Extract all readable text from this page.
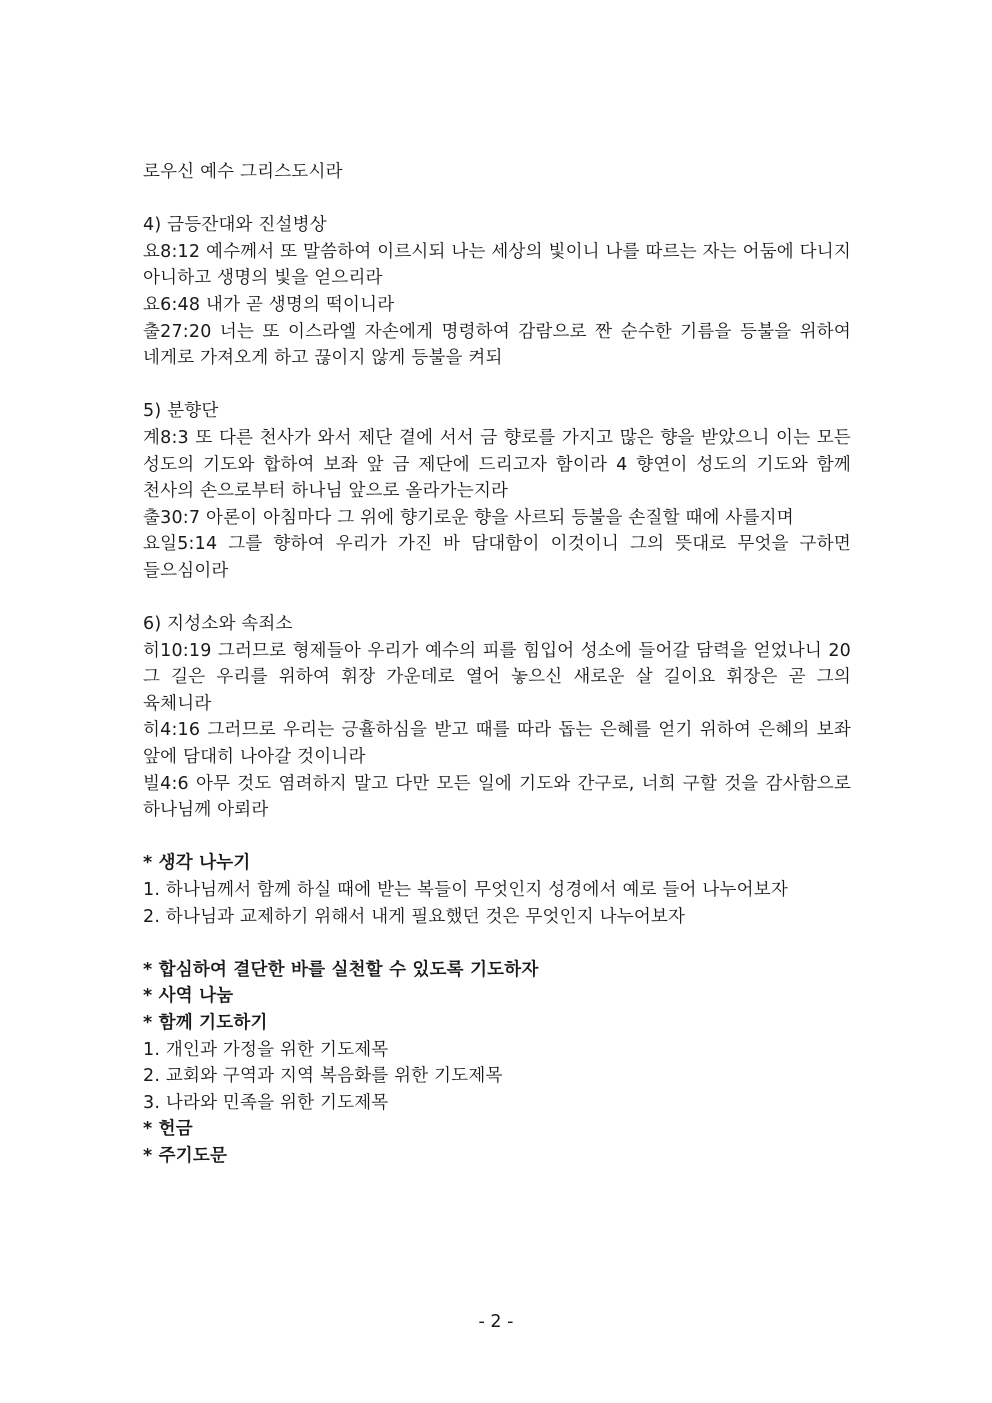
로우신 예수 그리스도시라
4) 금등잔대와 진설병상
요8:12 예수께서 또 말씀하여 이르시되 나는 세상의 빛이니 나를 따르는 자는 어둠에 다니지 아니하고 생명의 빛을 얻으리라
요6:48 내가 곧 생명의 떡이니라
출27:20 너는 또 이스라엘 자손에게 명령하여 감람으로 짠 순수한 기름을 등불을 위하여 네게로 가져오게 하고 끊이지 않게 등불을 켜되
5) 분향단
계8:3 또 다른 천사가 와서 제단 곁에 서서 금 향로를 가지고 많은 향을 받았으니 이는 모든 성도의 기도와 합하여 보좌 앞 금 제단에 드리고자 함이라 4 향연이 성도의 기도와 함께 천사의 손으로부터 하나님 앞으로 올라가는지라
출30:7 아론이 아침마다 그 위에 향기로운 향을 사르되 등불을 손질할 때에 사를지며
요일5:14 그를 향하여 우리가 가진 바 담대함이 이것이니 그의 뜻대로 무엇을 구하면 들으심이라
6) 지성소와 속죄소
히10:19 그러므로 형제들아 우리가 예수의 피를 힘입어 성소에 들어갈 담력을 얻었나니 20 그 길은 우리를 위하여 휘장 가운데로 열어 놓으신 새로운 살 길이요 휘장은 곧 그의 육체니라
히4:16 그러므로 우리는 긍휼하심을 받고 때를 따라 돕는 은혜를 얻기 위하여 은혜의 보좌 앞에 담대히 나아갈 것이니라
빌4:6 아무 것도 염려하지 말고 다만 모든 일에 기도와 간구로, 너희 구할 것을 감사함으로 하나님께 아뢰라
* 생각 나누기
1. 하나님께서 함께 하실 때에 받는 복들이 무엇인지 성경에서 예로 들어 나누어보자
2. 하나님과 교제하기 위해서 내게 필요했던 것은 무엇인지 나누어보자
* 합심하여 결단한 바를 실천할 수 있도록 기도하자
* 사역 나눔
* 함께 기도하기
1. 개인과 가정을 위한 기도제목
2. 교회와 구역과 지역 복음화를 위한 기도제목
3. 나라와 민족을 위한 기도제목
* 헌금
* 주기도문
- 2 -
